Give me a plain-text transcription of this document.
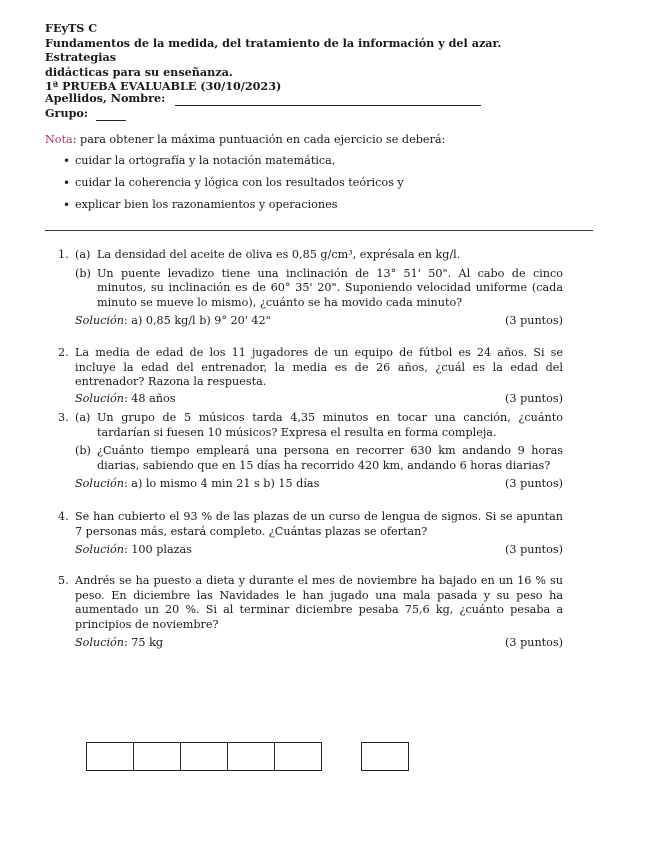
FEyTS C
Fundamentos de la medida, del tratamiento de la información y del azar. Estrategias
didácticas para su enseñanza.
1ª PRUEBA EVALUABLE (30/10/2023)
Apellidos, Nombre:
Grupo:
Nota: para obtener la máxima puntuación en cada ejercicio se deberá:
• cuidar la ortografía y la notación matemática,
• cuidar la coherencia y lógica con los resultados teóricos y
• explicar bien los razonamientos y operaciones
1. (a) La densidad del aceite de oliva es 0,85 g/cm³, exprésala en kg/l.
(b) Un puente levadizo tiene una inclinación de 13° 51' 50". Al cabo de cinco minutos, su inclinación es de 60° 35' 20". Suponiendo velocidad uniforme (cada minuto se mueve lo mismo), ¿cuánto se ha movido cada minuto?
Solución: a) 0,85 kg/l b) 9° 20' 42"	(3 puntos)
2. La media de edad de los 11 jugadores de un equipo de fútbol es 24 años. Si se incluye la edad del entrenador, la media es de 26 años, ¿cuál es la edad del entrenador? Razona la respuesta.
Solución: 48 años	(3 puntos)
3. (a) Un grupo de 5 músicos tarda 4,35 minutos en tocar una canción, ¿cuánto tardarían si fuesen 10 músicos? Expresa el resulta en forma compleja.
(b) ¿Cuánto tiempo empleará una persona en recorrer 630 km andando 9 horas diarias, sabiendo que en 15 días ha recorrido 420 km, andando 6 horas diarias?
Solución: a) lo mismo 4 min 21 s b) 15 días	(3 puntos)
4. Se han cubierto el 93 % de las plazas de un curso de lengua de signos. Si se apuntan 7 personas más, estará completo. ¿Cuántas plazas se ofertan?
Solución: 100 plazas	(3 puntos)
5. Andrés se ha puesto a dieta y durante el mes de noviembre ha bajado en un 16 % su peso. En diciembre las Navidades le han jugado una mala pasada y su peso ha aumentado un 20 %. Si al terminar diciembre pesaba 75,6 kg, ¿cuánto pesaba a principios de noviembre?
Solución: 75 kg	(3 puntos)
